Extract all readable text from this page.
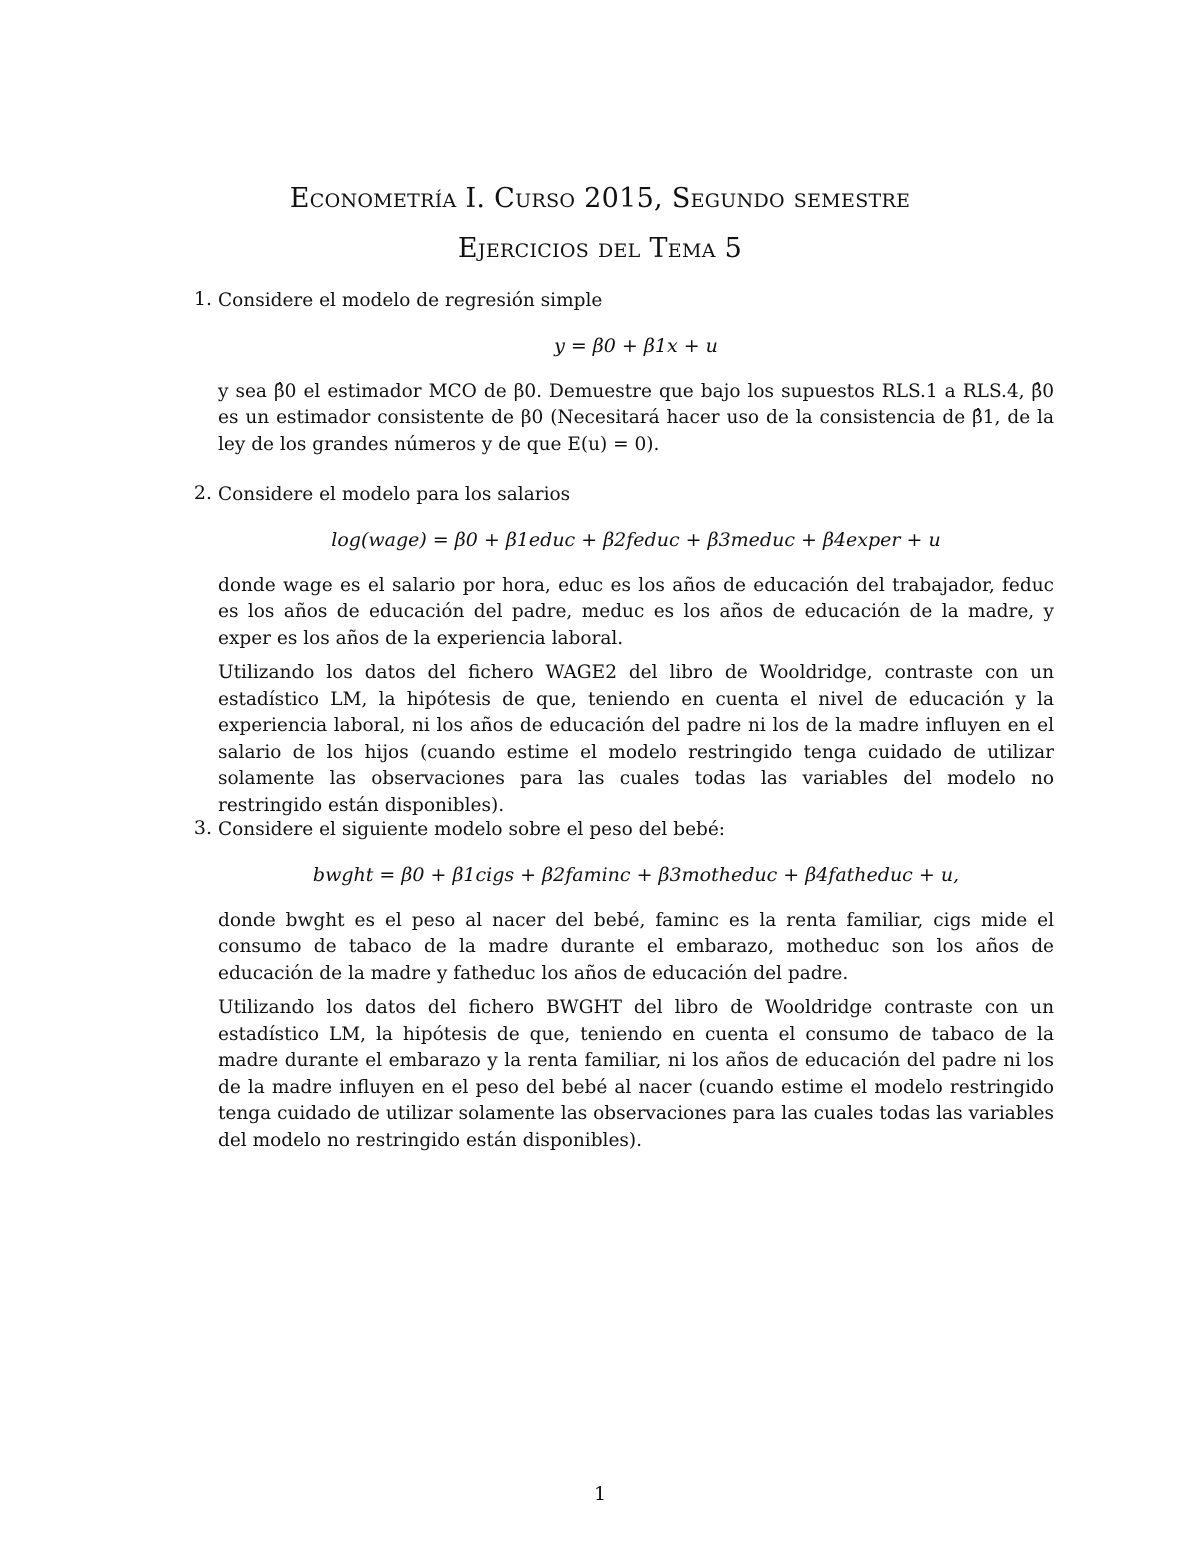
Econometría I. Curso 2015, Segundo semestre
Ejercicios del Tema 5
1. Considere el modelo de regresión simple

y = β0 + β1x + u

y sea β̂0 el estimador MCO de β0. Demuestre que bajo los supuestos RLS.1 a RLS.4, β̂0 es un estimador consistente de β0 (Necesitará hacer uso de la consistencia de β̂1, de la ley de los grandes números y de que E(u) = 0).

2. Considere el modelo para los salarios

log(wage) = β0 + β1educ + β2feduc + β3meduc + β4exper + u

donde wage es el salario por hora, educ es los años de educación del trabajador, feduc es los años de educación del padre, meduc es los años de educación de la madre, y exper es los años de la experiencia laboral.

Utilizando los datos del fichero WAGE2 del libro de Wooldridge, contraste con un estadístico LM, la hipótesis de que, teniendo en cuenta el nivel de educación y la experiencia laboral, ni los años de educación del padre ni los de la madre influyen en el salario de los hijos (cuando estime el modelo restringido tenga cuidado de utilizar solamente las observaciones para las cuales todas las variables del modelo no restringido están disponibles).

3. Considere el siguiente modelo sobre el peso del bebé:

bwght = β0 + β1cigs + β2faminc + β3motheduc + β4fatheduc + u,

donde bwght es el peso al nacer del bebé, faminc es la renta familiar, cigs mide el consumo de tabaco de la madre durante el embarazo, motheduc son los años de educación de la madre y fatheduc los años de educación del padre.

Utilizando los datos del fichero BWGHT del libro de Wooldridge contraste con un estadístico LM, la hipótesis de que, teniendo en cuenta el consumo de tabaco de la madre durante el embarazo y la renta familiar, ni los años de educación del padre ni los de la madre influyen en el peso del bebé al nacer (cuando estime el modelo restringido tenga cuidado de utilizar solamente las observaciones para las cuales todas las variables del modelo no restringido están disponibles).

1
